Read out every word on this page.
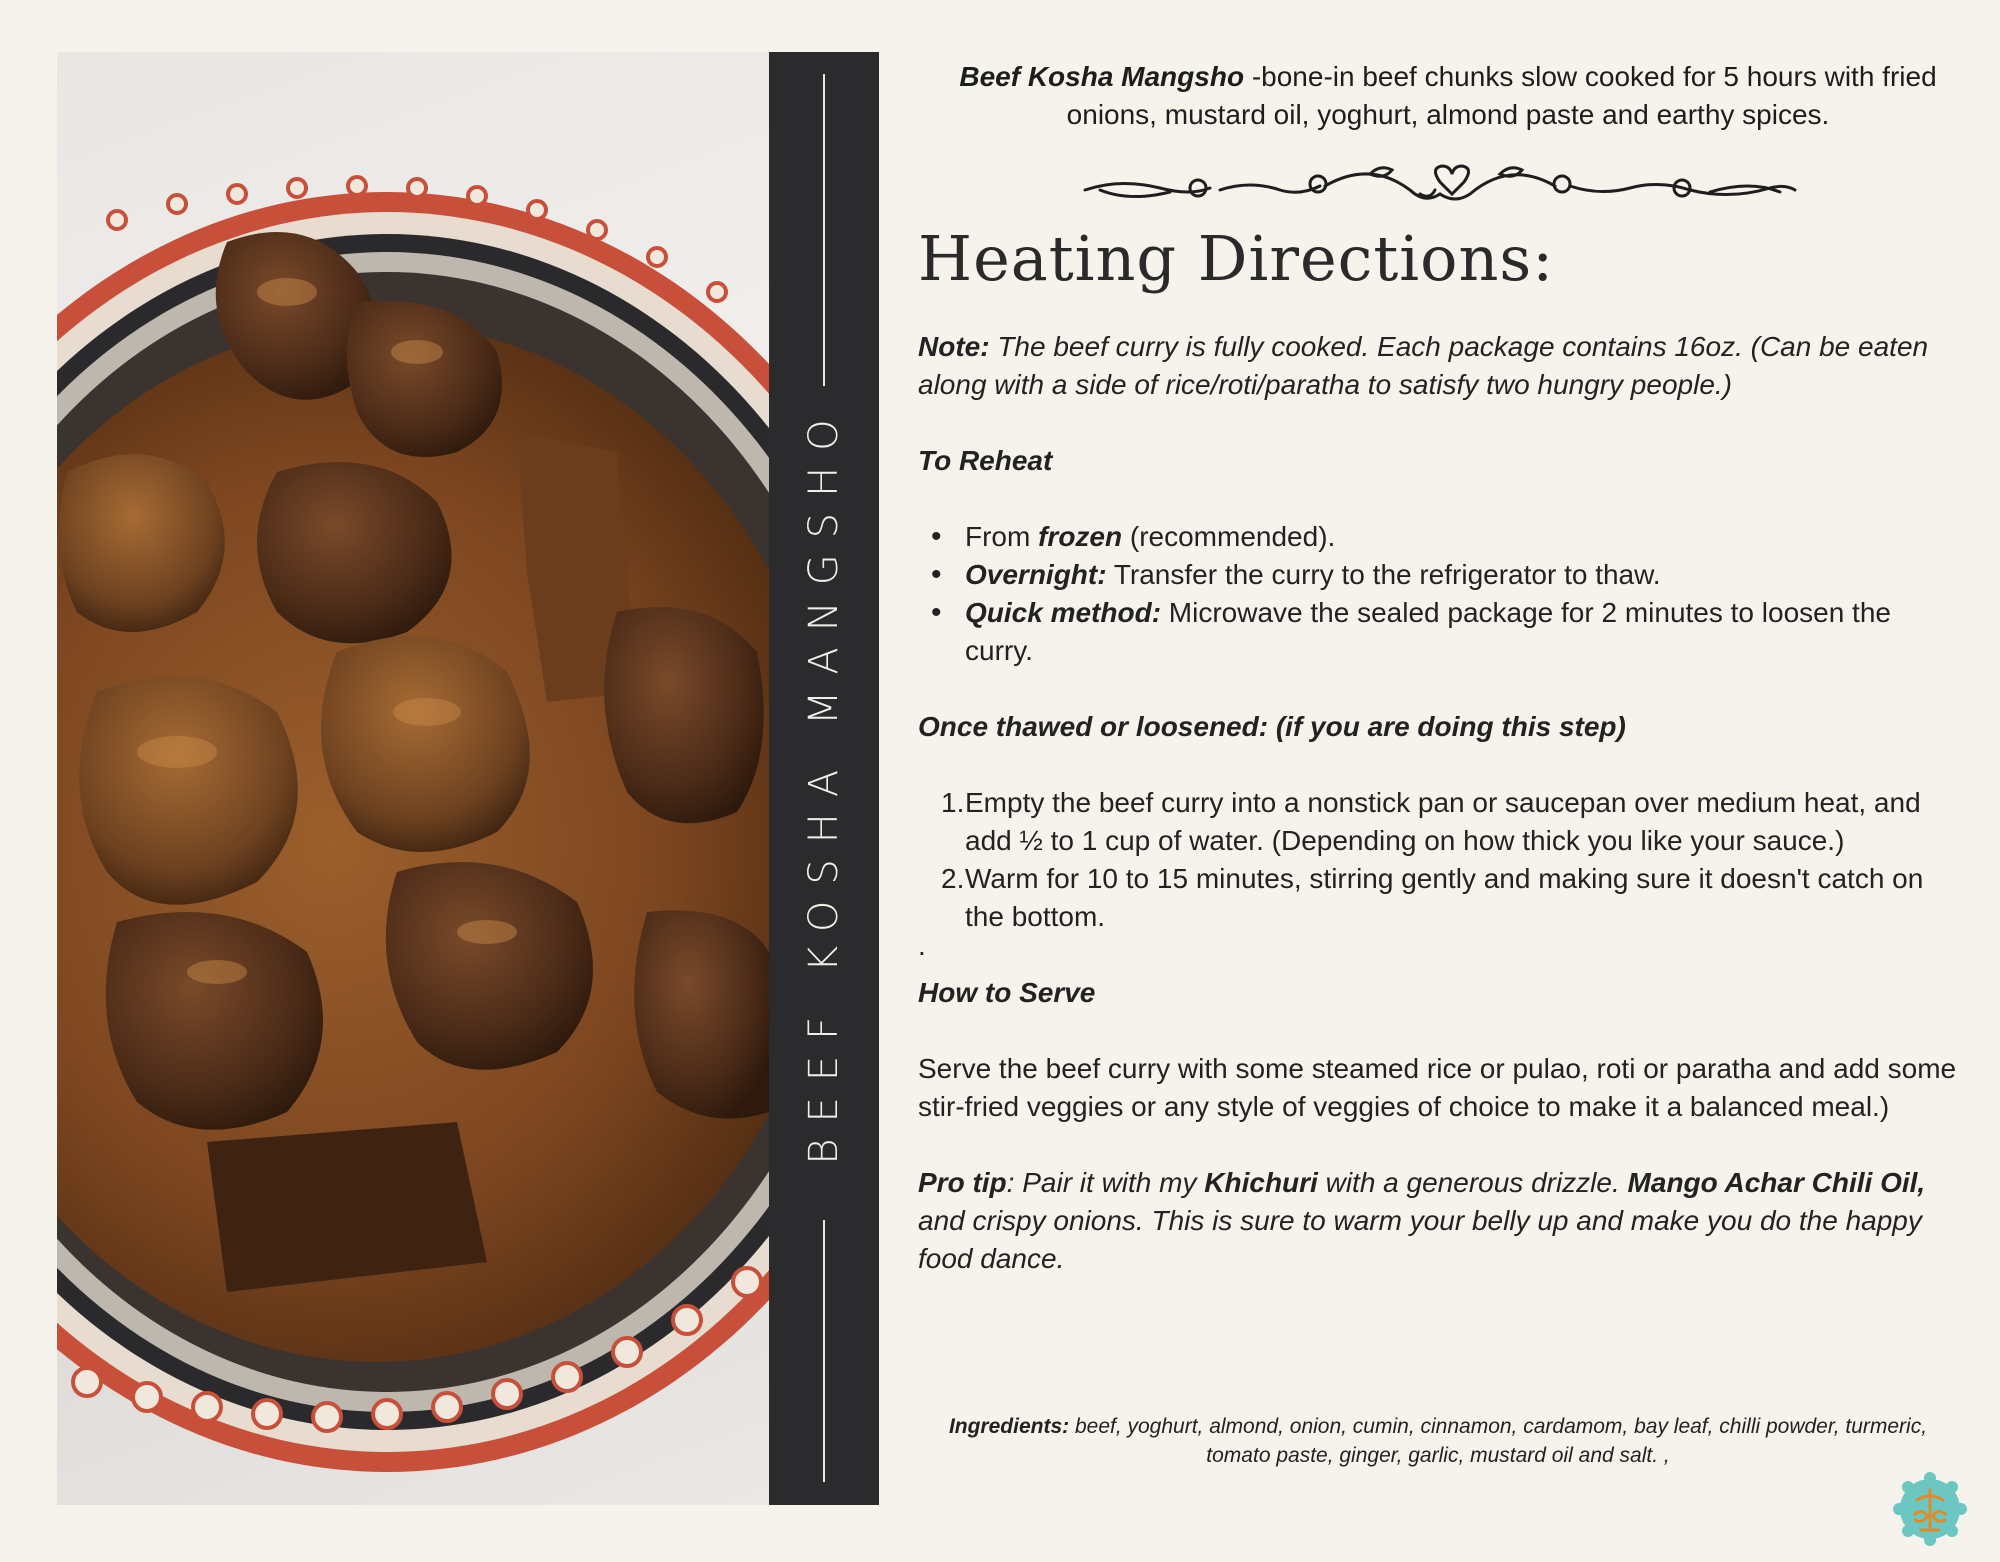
BEEF KOSHA MANGSHO

Beef Kosha Mangsho -bone-in beef chunks slow cooked for 5 hours with fried onions, mustard oil, yoghurt, almond paste and earthy spices.

Heating Directions:

Note: The beef curry is fully cooked. Each package contains 16oz. (Can be eaten along with a side of rice/roti/paratha to satisfy two hungry people.)

To Reheat

• From frozen (recommended).
• Overnight: Transfer the curry to the refrigerator to thaw.
• Quick method: Microwave the sealed package for 2 minutes to loosen the curry.

Once thawed or loosened: (if you are doing this step)

1. Empty the beef curry into a nonstick pan or saucepan over medium heat, and add ½ to 1 cup of water. (Depending on how thick you like your sauce.)
2. Warm for 10 to 15 minutes, stirring gently and making sure it doesn't catch on the bottom.

.

How to Serve

Serve the beef curry with some steamed rice or pulao, roti or paratha and add some stir-fried veggies or any style of veggies of choice to make it a balanced meal.)

Pro tip: Pair it with my Khichuri with a generous drizzle. Mango Achar Chili Oil, and crispy onions. This is sure to warm your belly up and make you do the happy food dance.

Ingredients: beef, yoghurt, almond, onion, cumin, cinnamon, cardamom, bay leaf, chilli powder, turmeric, tomato paste, ginger, garlic, mustard oil and salt. ,
